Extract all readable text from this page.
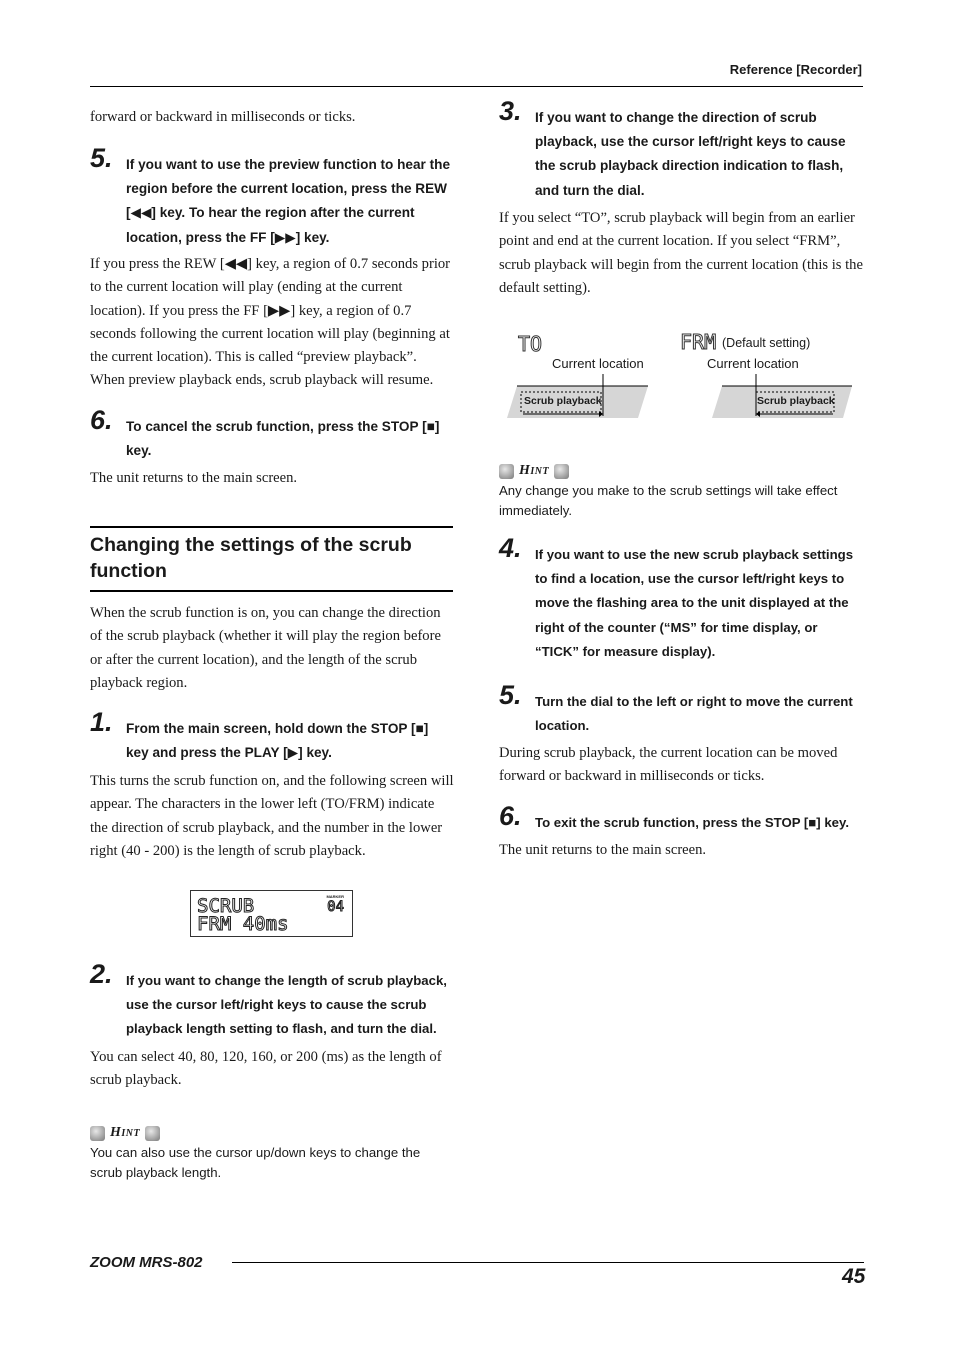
Reference [Recorder]
forward or backward in milliseconds or ticks.
5. If you want to use the preview function to hear the region before the current location, press the REW [◀◀] key. To hear the region after the current location, press the FF [▶▶] key.
If you press the REW [◀◀] key, a region of 0.7 seconds prior to the current location will play (ending at the current location). If you press the FF [▶▶] key, a region of 0.7 seconds following the current location will play (beginning at the current location). This is called “preview playback”. When preview playback ends, scrub playback will resume.
6. To cancel the scrub function, press the STOP [■] key.
The unit returns to the main screen.
Changing the settings of the scrub function
When the scrub function is on, you can change the direction of the scrub playback (whether it will play the region before or after the current location), and the length of the scrub playback region.
1. From the main screen, hold down the STOP [■] key and press the PLAY [▶] key.
This turns the scrub function on, and the following screen will appear. The characters in the lower left (TO/FRM) indicate the direction of scrub playback, and the number in the lower right (40 - 200) is the length of scrub playback.
SCRUB
FRM 40ms
MARKER
04
2. If you want to change the length of scrub playback, use the cursor left/right keys to cause the scrub playback length setting to flash, and turn the dial.
You can select 40, 80, 120, 160, or 200 (ms) as the length of scrub playback.
Hint
You can also use the cursor up/down keys to change the scrub playback length.
3. If you want to change the direction of scrub playback, use the cursor left/right keys to cause the scrub playback direction indication to flash, and turn the dial.
If you select “TO”, scrub playback will begin from an earlier point and end at the current location. If you select “FRM”, scrub playback will begin from the current location (this is the default setting).
TO
Current location
FRM (Default setting)
Current location
Scrub playback	Scrub playback
Hint
Any change you make to the scrub settings will take effect immediately.
4. If you want to use the new scrub playback settings to find a location, use the cursor left/right keys to move the flashing area to the unit displayed at the right of the counter (“MS” for time display, or “TICK” for measure display).
5. Turn the dial to the left or right to move the current location.
During scrub playback, the current location can be moved forward or backward in milliseconds or ticks.
6. To exit the scrub function, press the STOP [■] key.
The unit returns to the main screen.
ZOOM MRS-802
45
